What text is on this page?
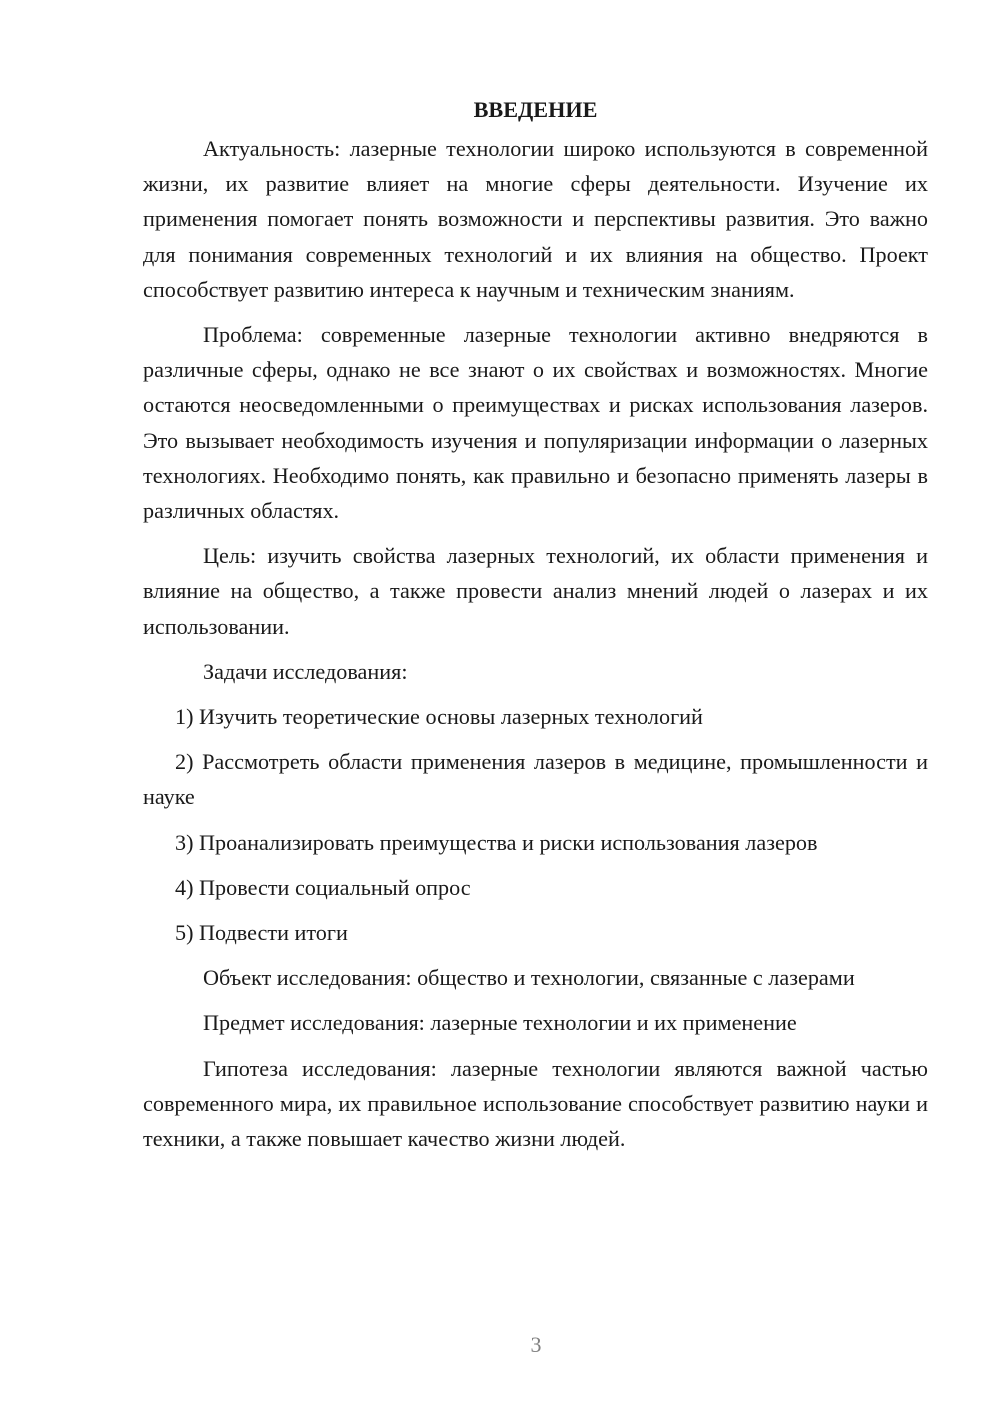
ВВЕДЕНИЕ

Актуальность: лазерные технологии широко используются в современной жизни, их развитие влияет на многие сферы деятельности. Изучение их применения помогает понять возможности и перспективы развития. Это важно для понимания современных технологий и их влияния на общество. Проект способствует развитию интереса к научным и техническим знаниям.

Проблема: современные лазерные технологии активно внедряются в различные сферы, однако не все знают о их свойствах и возможностях. Многие остаются неосведомленными о преимуществах и рисках использования лазеров. Это вызывает необходимость изучения и популяризации информации о лазерных технологиях. Необходимо понять, как правильно и безопасно применять лазеры в различных областях.

Цель: изучить свойства лазерных технологий, их области применения и влияние на общество, а также провести анализ мнений людей о лазерах и их использовании.

Задачи исследования:

1) Изучить теоретические основы лазерных технологий

2) Рассмотреть области применения лазеров в медицине, промышленности и науке

3) Проанализировать преимущества и риски использования лазеров

4) Провести социальный опрос

5) Подвести итоги

Объект исследования: общество и технологии, связанные с лазерами

Предмет исследования: лазерные технологии и их применение

Гипотеза исследования: лазерные технологии являются важной частью современного мира, их правильное использование способствует развитию науки и техники, а также повышает качество жизни людей.

3
